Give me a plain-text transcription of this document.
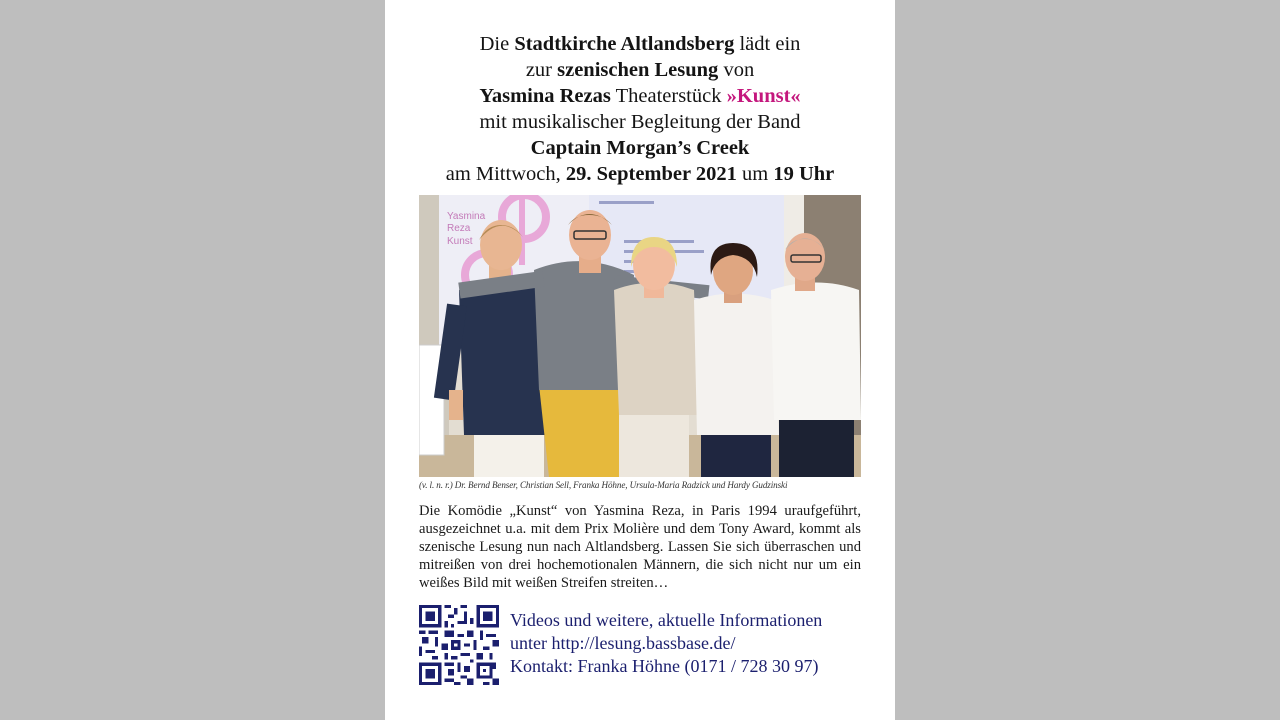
Die Stadtkirche Altlandsberg lädt ein
zur szenischen Lesung von
Yasmina Rezas Theaterstück »Kunst«
mit musikalischer Begleitung der Band
Captain Morgan’s Creek
am Mittwoch, 29. September 2021 um 19 Uhr
Yasmina
Reza
Kunst
(v. l. n. r.) Dr. Bernd Benser, Christian Sell, Franka Höhne, Ursula-Maria Radzick und Hardy Gudzinski
Die Komödie „Kunst“ von Yasmina Reza, in Paris 1994 uraufgeführt, ausgezeichnet u.a. mit dem Prix Molière und dem Tony Award, kommt als szenische Lesung nun nach Altlandsberg. Lassen Sie sich überraschen und mitreißen von drei hochemotionalen Männern, die sich nicht nur um ein weißes Bild mit weißen Streifen streiten…
Videos und weitere, aktuelle Informationen
unter http://lesung.bassbase.de/
Kontakt: Franka Höhne (0171 / 728 30 97)
